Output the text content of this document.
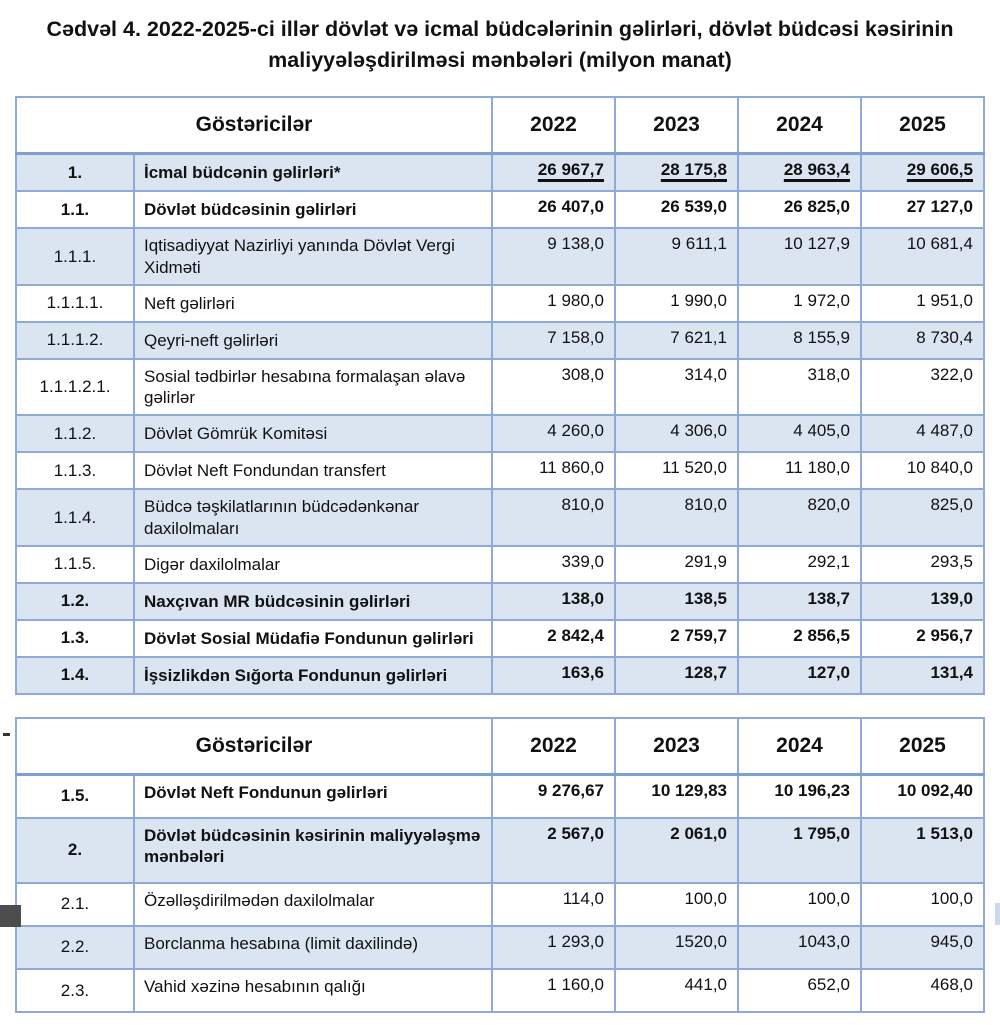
Cədvəl 4. 2022-2025-ci illər dövlət və icmal büdcələrinin gəlirləri, dövlət büdcəsi kəsirinin maliyyələşdirilməsi mənbələri (milyon manat)
Göstəricilər		2022	2023	2024	2025
1.	İcmal büdcənin gəlirləri*	26 967,7	28 175,8	28 963,4	29 606,5
1.1.	Dövlət büdcəsinin gəlirləri	26 407,0	26 539,0	26 825,0	27 127,0
1.1.1.	Iqtisadiyyat Nazirliyi yanında Dövlət Vergi Xidməti	9 138,0	9 611,1	10 127,9	10 681,4
1.1.1.1.	Neft gəlirləri	1 980,0	1 990,0	1 972,0	1 951,0
1.1.1.2.	Qeyri-neft gəlirləri	7 158,0	7 621,1	8 155,9	8 730,4
1.1.1.2.1.	Sosial tədbirlər hesabına formalaşan əlavə gəlirlər	308,0	314,0	318,0	322,0
1.1.2.	Dövlət Gömrük Komitəsi	4 260,0	4 306,0	4 405,0	4 487,0
1.1.3.	Dövlət Neft Fondundan transfert	11 860,0	11 520,0	11 180,0	10 840,0
1.1.4.	Büdcə təşkilatlarının büdcədənkənar daxilolmaları	810,0	810,0	820,0	825,0
1.1.5.	Digər daxilolmalar	339,0	291,9	292,1	293,5
1.2.	Naxçıvan MR büdcəsinin gəlirləri	138,0	138,5	138,7	139,0
1.3.	Dövlət Sosial Müdafiə Fondunun gəlirləri	2 842,4	2 759,7	2 856,5	2 956,7
1.4.	İşsizlikdən Sığorta Fondunun gəlirləri	163,6	128,7	127,0	131,4
Göstəricilər		2022	2023	2024	2025
1.5.	Dövlət Neft Fondunun gəlirləri	9 276,67	10 129,83	10 196,23	10 092,40
2.	Dövlət büdcəsinin kəsirinin maliyyələşmə mənbələri	2 567,0	2 061,0	1 795,0	1 513,0
2.1.	Özəlləşdirilmədən daxilolmalar	114,0	100,0	100,0	100,0
2.2.	Borclanma hesabına (limit daxilində)	1 293,0	1520,0	1043,0	945,0
2.3.	Vahid xəzinə hesabının qalığı	1 160,0	441,0	652,0	468,0
